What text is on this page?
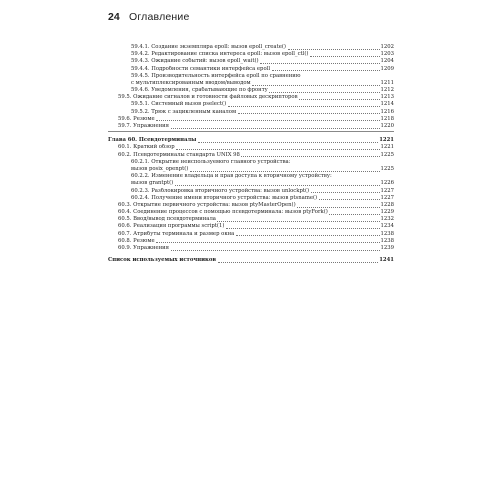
24 Оглавление
59.4.1. Создание экземпляра epoll: вызов epoll_create()	1202
59.4.2. Редактирование списка интереса epoll: вызов epoll_ctl()	1203
59.4.3. Ожидание событий: вызов epoll_wait()	1204
59.4.4. Подробности семантики интерфейса epoll	1209
59.4.5. Производительность интерфейса epoll по сравнению
с мультиплексированным вводом/выводом	1211
59.4.6. Уведомления, срабатывающие по фронту	1212
59.5. Ожидание сигналов и готовности файловых дескрипторов	1213
59.5.1. Системный вызов pselect()	1214
59.5.2. Трюк с зацикленным каналом	1216
59.6. Резюме	1218
59.7. Упражнения	1220
Глава 60. Псевдотерминалы	1221
60.1. Краткий обзор	1221
60.2. Псевдотерминалы стандарта UNIX 98	1225
60.2.1. Открытие неиспользуемого главного устройства:
вызов posix_openpt()	1225
60.2.2. Изменение владельца и прав доступа к вторичному устройству:
вызов grantpt()	1226
60.2.3. Разблокировка вторичного устройства: вызов unlockpt()	1227
60.2.4. Получение имени вторичного устройства: вызов ptsname()	1227
60.3. Открытие первичного устройства: вызов ptyMasterOpen()	1228
60.4. Соединение процессов с помощью псевдотерминала: вызов ptyFork()	1229
60.5. Ввод/вывод псевдотерминала	1232
60.6. Реализация программы script(1)	1234
60.7. Атрибуты терминала и размер окна	1238
60.8. Резюме	1238
60.9. Упражнения	1239
Список используемых источников	1241
